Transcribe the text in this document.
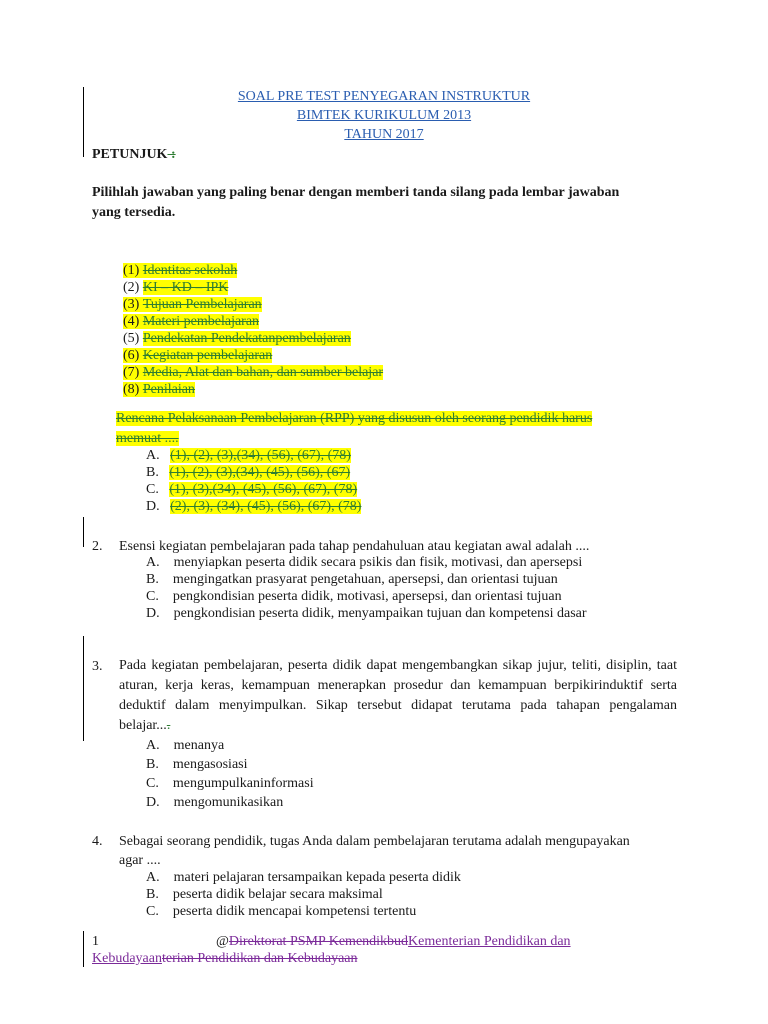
SOAL PRE TEST PENYEGARAN INSTRUKTUR
BIMTEK KURIKULUM 2013
TAHUN 2017
PETUNJUK :
Pilihlah jawaban yang paling benar dengan memberi tanda silang pada lembar jawaban
yang tersedia.
(1) Identitas sekolah
(2) KI – KD – IPK
(3) Tujuan Pembelajaran
(4) Materi pembelajaran
(5) Pendekatan Pendekatanpembelajaran
(6) Kegiatan pembelajaran
(7) Media, Alat dan bahan, dan sumber belajar
(8) Penilaian
Rencana Pelaksanaan Pembelajaran (RPP) yang disusun oleh seorang pendidik harus
memuat ....
A. (1), (2), (3),(34), (56), (67), (78)
B. (1), (2), (3),(34), (45), (56), (67)
C. (1), (3),(34), (45), (56), (67), (78)
D. (2), (3), (34), (45), (56), (67), (78)
2. Esensi kegiatan pembelajaran pada tahap pendahuluan atau kegiatan awal adalah ....
A. menyiapkan peserta didik secara psikis dan fisik, motivasi, dan apersepsi
B. mengingatkan prasyarat pengetahuan, apersepsi, dan orientasi tujuan
C. pengkondisian peserta didik, motivasi, apersepsi, dan orientasi tujuan
D. pengkondisian peserta didik, menyampaikan tujuan dan kompetensi dasar
3. Pada kegiatan pembelajaran, peserta didik dapat mengembangkan sikap jujur, teliti, disiplin, taat aturan, kerja keras, kemampuan menerapkan prosedur dan kemampuan berpikirinduktif serta deduktif dalam menyimpulkan. Sikap tersebut didapat terutama pada tahapan pengalaman belajar....
A. menanya
B. mengasosiasi
C. mengumpulkaninformasi
D. mengomunikasikan
4. Sebagai seorang pendidik, tugas Anda dalam pembelajaran terutama adalah mengupayakan
agar ....
A. materi pelajaran tersampaikan kepada peserta didik
B. peserta didik belajar secara maksimal
C. peserta didik mencapai kompetensi tertentu
1	@Direktorat PSMP KemendikbudKementerian Pendidikan dan
Kebudayaanterian Pendidikan dan Kebudayaan
